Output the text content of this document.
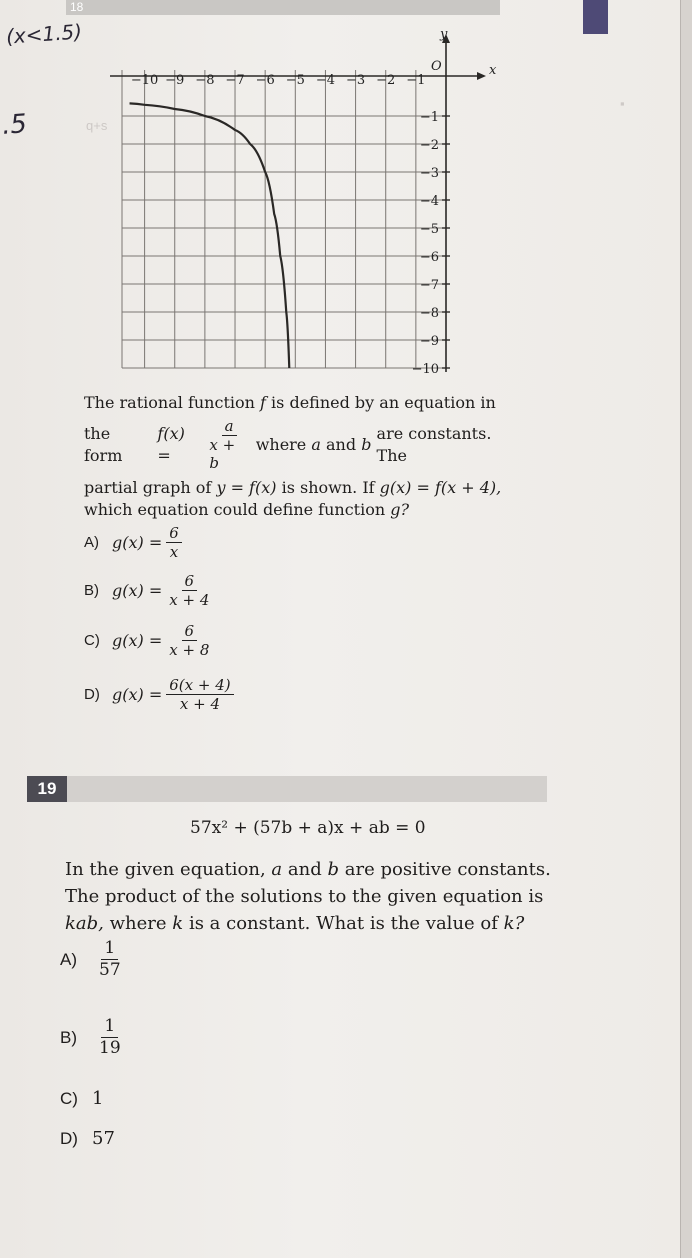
18
(x<1.5)
.5	q+s
▪
y
x
O
−10 −9 −8 −7 −6 −5 −4 −3 −2 −1
−1
−2
−3
−4
−5
−6
−7
−8
−9
−10
The rational function f is defined by an equation in
the form

f(x) =	$\frac{a}{x + b}$ where
a
and
b

are constants. The
partial graph of y = f(x) is shown. If g(x) = f(x + 4),
which equation could define function g?
A) $g(x) = \frac{6}{x}$
B) $g(x) = \frac{6}{x + 4}$
C) $g(x) = \frac{6}{x + 8}$
D) $g(x) = \frac{6(x + 4)}{x + 4}$
19
57x² + (57b + a)x + ab = 0
In the given equation, a and b are positive constants.
The product of the solutions to the given equation is
kab, where k is a constant. What is the value of k?
A)	$\frac{1}{57}$
B)	$\frac{1}{19}$
C) 1
D) 57
